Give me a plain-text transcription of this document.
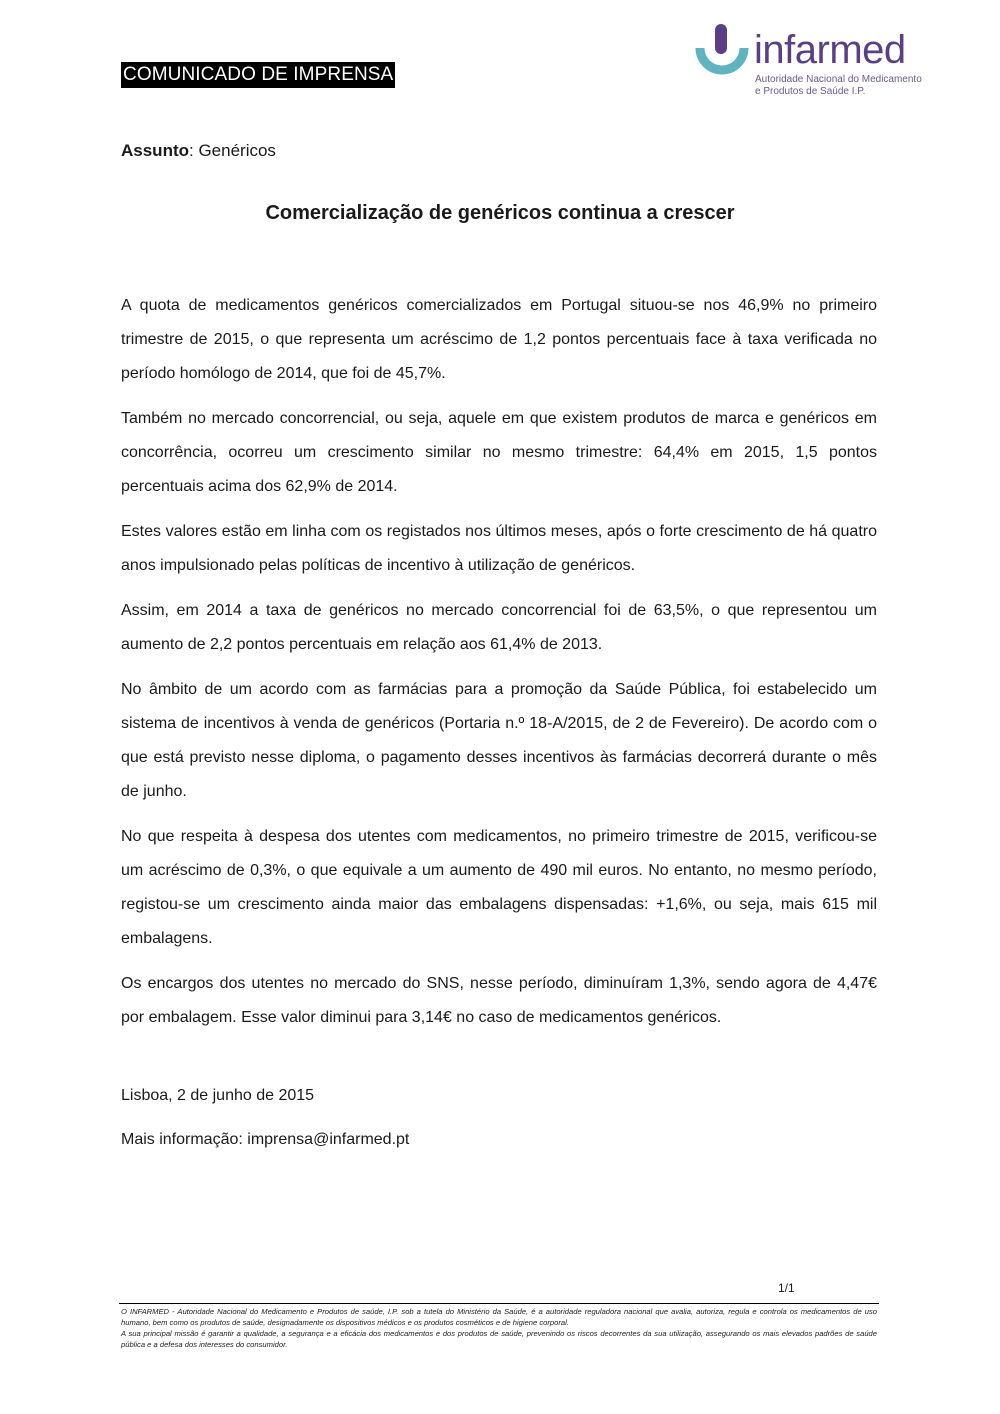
COMUNICADO DE IMPRENSA
infarmed
Autoridade Nacional do Medicamento
e Produtos de Saúde I.P.
Assunto: Genéricos
Comercialização de genéricos continua a crescer

A quota de medicamentos genéricos comercializados em Portugal situou-se nos 46,9% no primeiro trimestre de 2015, o que representa um acréscimo de 1,2 pontos percentuais face à taxa verificada no período homólogo de 2014, que foi de 45,7%.

Também no mercado concorrencial, ou seja, aquele em que existem produtos de marca e genéricos em concorrência, ocorreu um crescimento similar no mesmo trimestre: 64,4% em 2015, 1,5 pontos percentuais acima dos 62,9% de 2014.

Estes valores estão em linha com os registados nos últimos meses, após o forte crescimento de há quatro anos impulsionado pelas políticas de incentivo à utilização de genéricos.

Assim, em 2014 a taxa de genéricos no mercado concorrencial foi de 63,5%, o que representou um aumento de 2,2 pontos percentuais em relação aos 61,4% de 2013.

No âmbito de um acordo com as farmácias para a promoção da Saúde Pública, foi estabelecido um sistema de incentivos à venda de genéricos (Portaria n.º 18-A/2015, de 2 de Fevereiro). De acordo com o que está previsto nesse diploma, o pagamento desses incentivos às farmácias decorrerá durante o mês de junho.

No que respeita à despesa dos utentes com medicamentos, no primeiro trimestre de 2015, verificou-se um acréscimo de 0,3%, o que equivale a um aumento de 490 mil euros. No entanto, no mesmo período, registou-se um crescimento ainda maior das embalagens dispensadas: +1,6%, ou seja, mais 615 mil embalagens.

Os encargos dos utentes no mercado do SNS, nesse período, diminuíram 1,3%, sendo agora de 4,47€ por embalagem. Esse valor diminui para 3,14€ no caso de medicamentos genéricos.

Lisboa, 2 de junho de 2015
Mais informação: imprensa@infarmed.pt
1/1

O INFARMED - Autoridade Nacional do Medicamento e Produtos de saúde, I.P. sob a tutela do Ministério da Saúde, é a autoridade reguladora nacional que avalia, autoriza, regula e controla os medicamentos de uso humano, bem como os produtos de saúde, designadamente os dispositivos médicos e os produtos cosméticos e de higiene corporal.

A sua principal missão é garantir a qualidade, a segurança e a eficácia dos medicamentos e dos produtos de saúde, prevenindo os riscos decorrentes da sua utilização, assegurando os mais elevados padrões de saúde pública e a defesa dos interesses do consumidor.
